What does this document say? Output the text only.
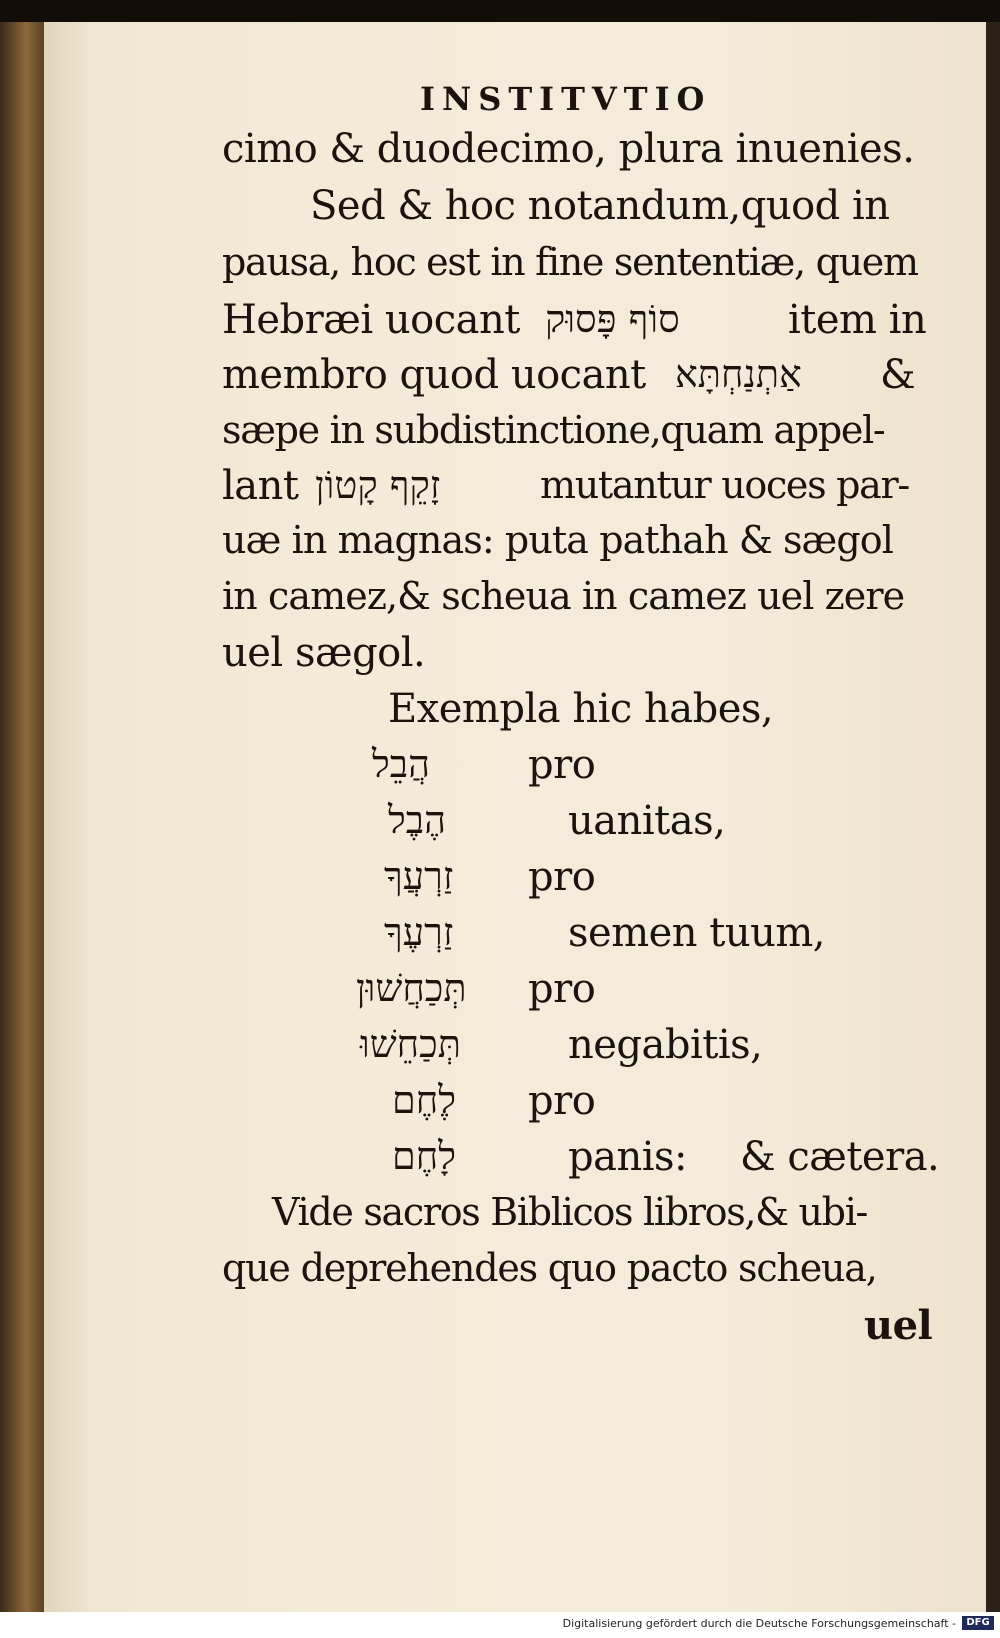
INSTITVTIO
cimo & duodecimo, plura inuenies.
Sed & hoc notandum,quod in
pausa, hoc est in fine sententiæ, quem
Hebræi uocant סוֹף פָּסוּק	item in
membro quod uocant אַתְנַחְתָּא &
sæpe in subdistinctione,quam appel-
lant זָקֵף קָטוֹן	mutantur uoces par-
uæ in magnas: puta pathah & sægol
in camez,& scheua in camez uel zere
uel sægol.
Exempla hic habes,
הֲבֵל pro
הֶבֶל	uanitas,
זַרְעֲךָ pro
זַרְעֶךָ	semen tuum,
תְּכַחֲשׁוּן pro
תְּכַחֵשׁוּ	negabitis,
לֶחֶם pro
לָחֶם	panis: & cætera.
Vide sacros Biblicos libros,& ubi-
que deprehendes quo pacto scheua,
uel
Digitalisierung gefördert durch die Deutsche Forschungsgemeinschaft -	DFG
